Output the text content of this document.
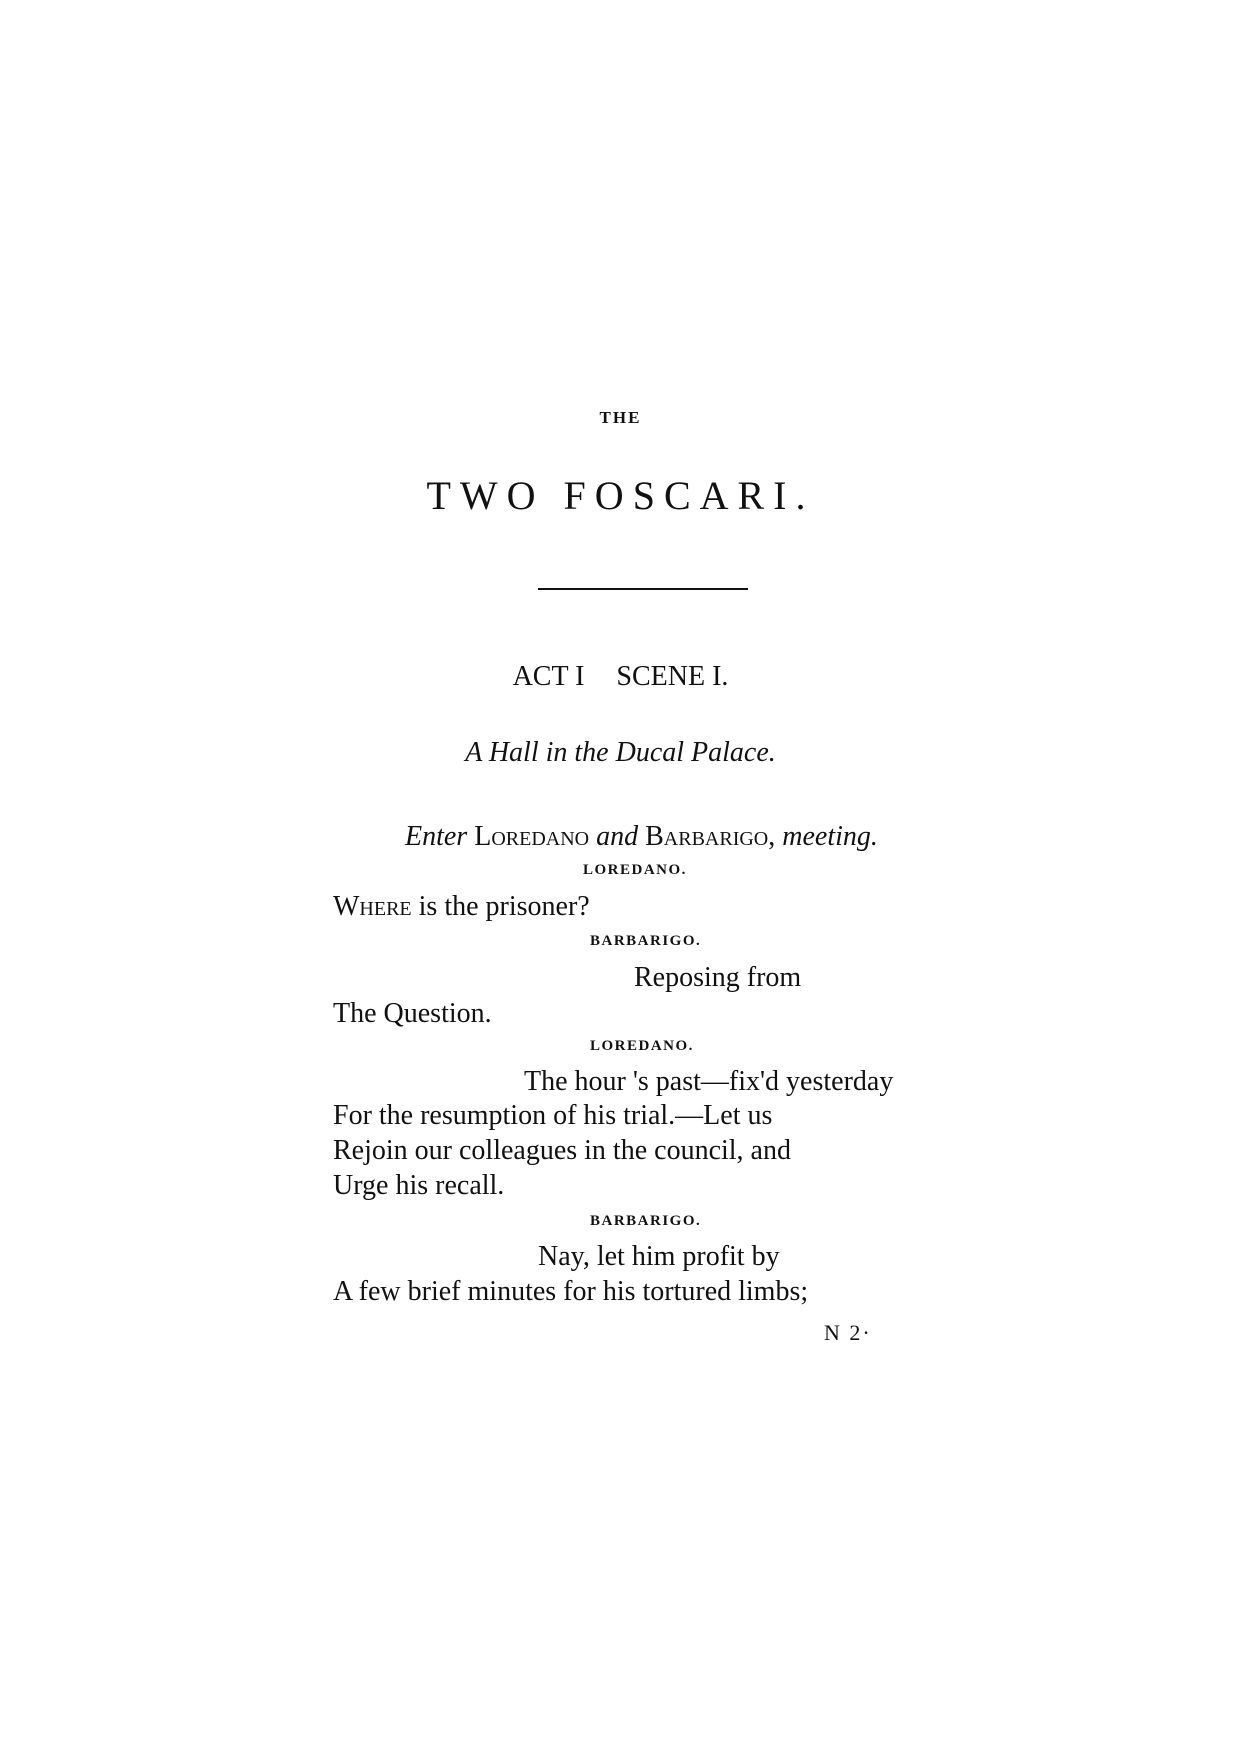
THE
TWO FOSCARI.
ACT I SCENE I.
A Hall in the Ducal Palace.
Enter Loredano and Barbarigo, meeting.
LOREDANO.
Where is the prisoner?
BARBARIGO.
Reposing from
The Question.
LOREDANO.
The hour 's past—fix'd yesterday
For the resumption of his trial.—Let us
Rejoin our colleagues in the council, and
Urge his recall.
BARBARIGO.
Nay, let him profit by
A few brief minutes for his tortured limbs;
N 2·
